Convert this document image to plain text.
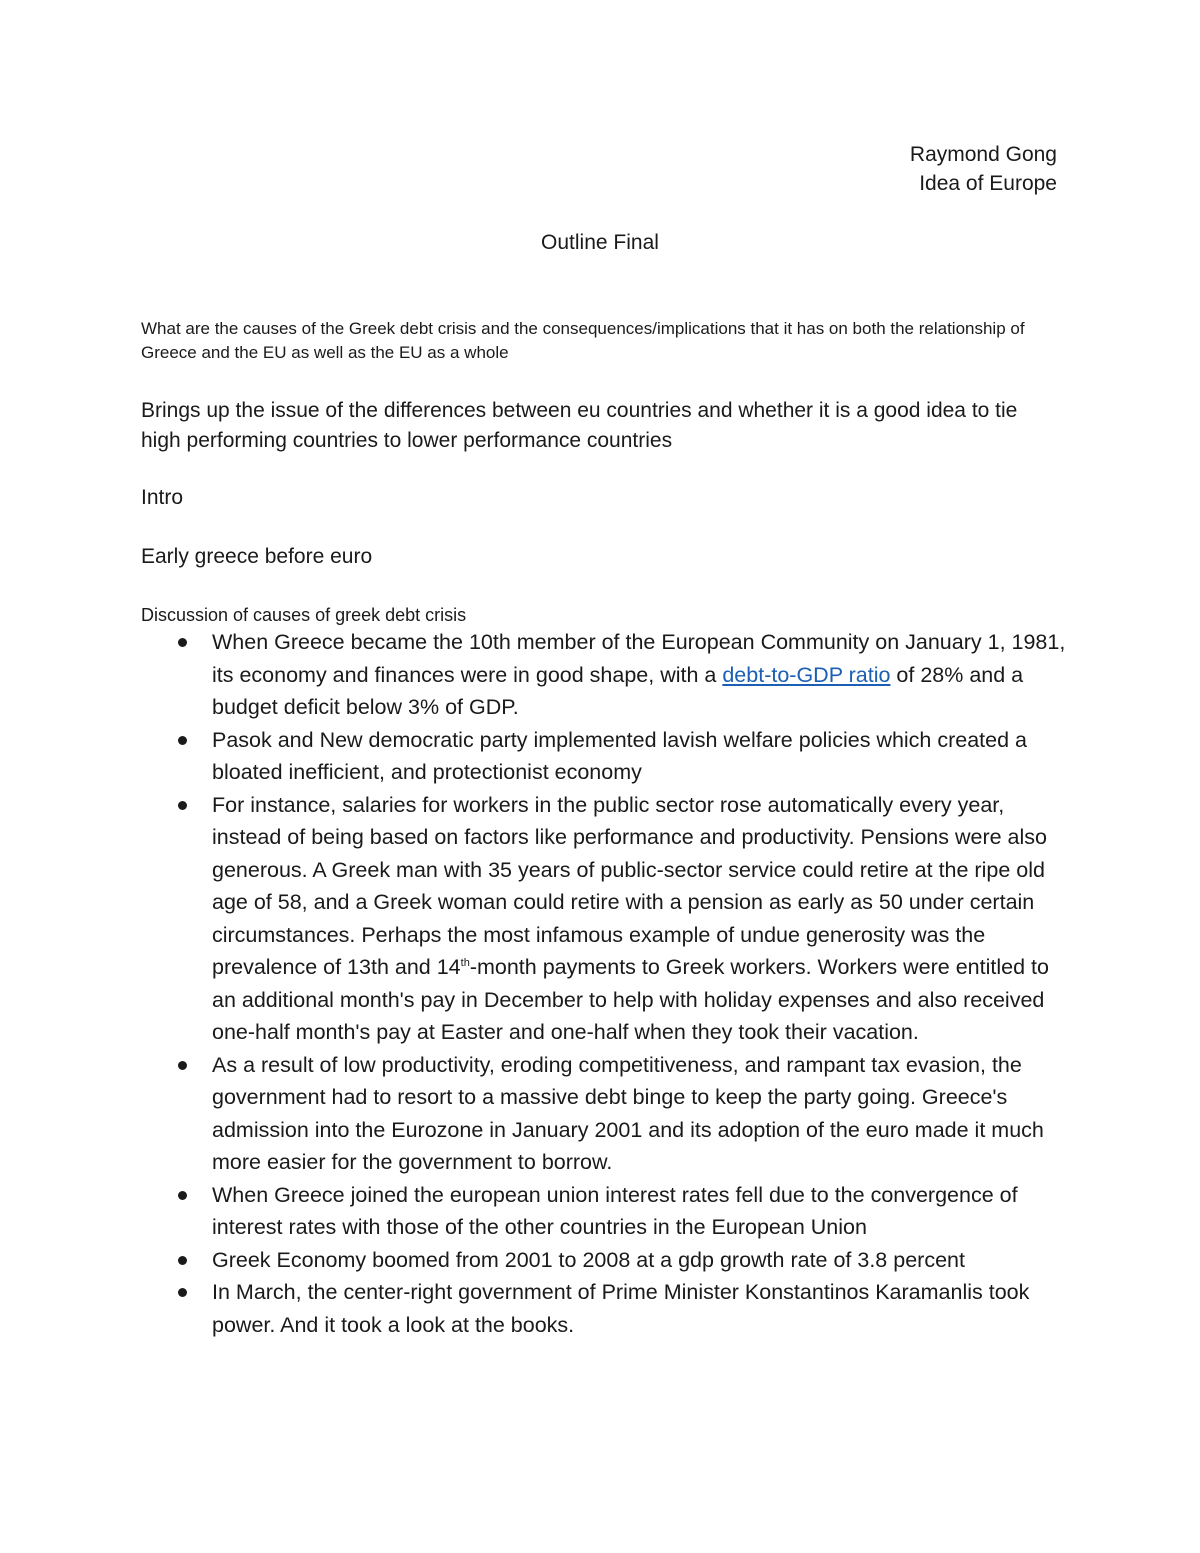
Raymond Gong
Idea of Europe
Outline Final
What are the causes of the Greek debt crisis and the consequences/implications that it has on both the relationship of Greece and the EU as well as the EU as a whole
Brings up the issue of the differences between eu countries and whether it is a good idea to tie high performing countries to lower performance countries
Intro
Early greece before euro
Discussion of causes of greek debt crisis
When Greece became the 10th member of the European Community on January 1, 1981, its economy and finances were in good shape, with a debt-to-GDP ratio of 28% and a budget deficit below 3% of GDP.
Pasok and New democratic party implemented lavish welfare policies which created a bloated inefficient, and protectionist economy
For instance, salaries for workers in the public sector rose automatically every year, instead of being based on factors like performance and productivity. Pensions were also generous. A Greek man with 35 years of public-sector service could retire at the ripe old age of 58, and a Greek woman could retire with a pension as early as 50 under certain circumstances. Perhaps the most infamous example of undue generosity was the prevalence of 13th and 14th-month payments to Greek workers. Workers were entitled to an additional month's pay in December to help with holiday expenses and also received one-half month's pay at Easter and one-half when they took their vacation.
As a result of low productivity, eroding competitiveness, and rampant tax evasion, the government had to resort to a massive debt binge to keep the party going. Greece's admission into the Eurozone in January 2001 and its adoption of the euro made it much more easier for the government to borrow.
When Greece joined the european union interest rates fell due to the convergence of interest rates with those of the other countries in the European Union
Greek Economy boomed from 2001 to 2008 at a gdp growth rate of 3.8 percent
In March, the center-right government of Prime Minister Konstantinos Karamanlis took power. And it took a look at the books.
